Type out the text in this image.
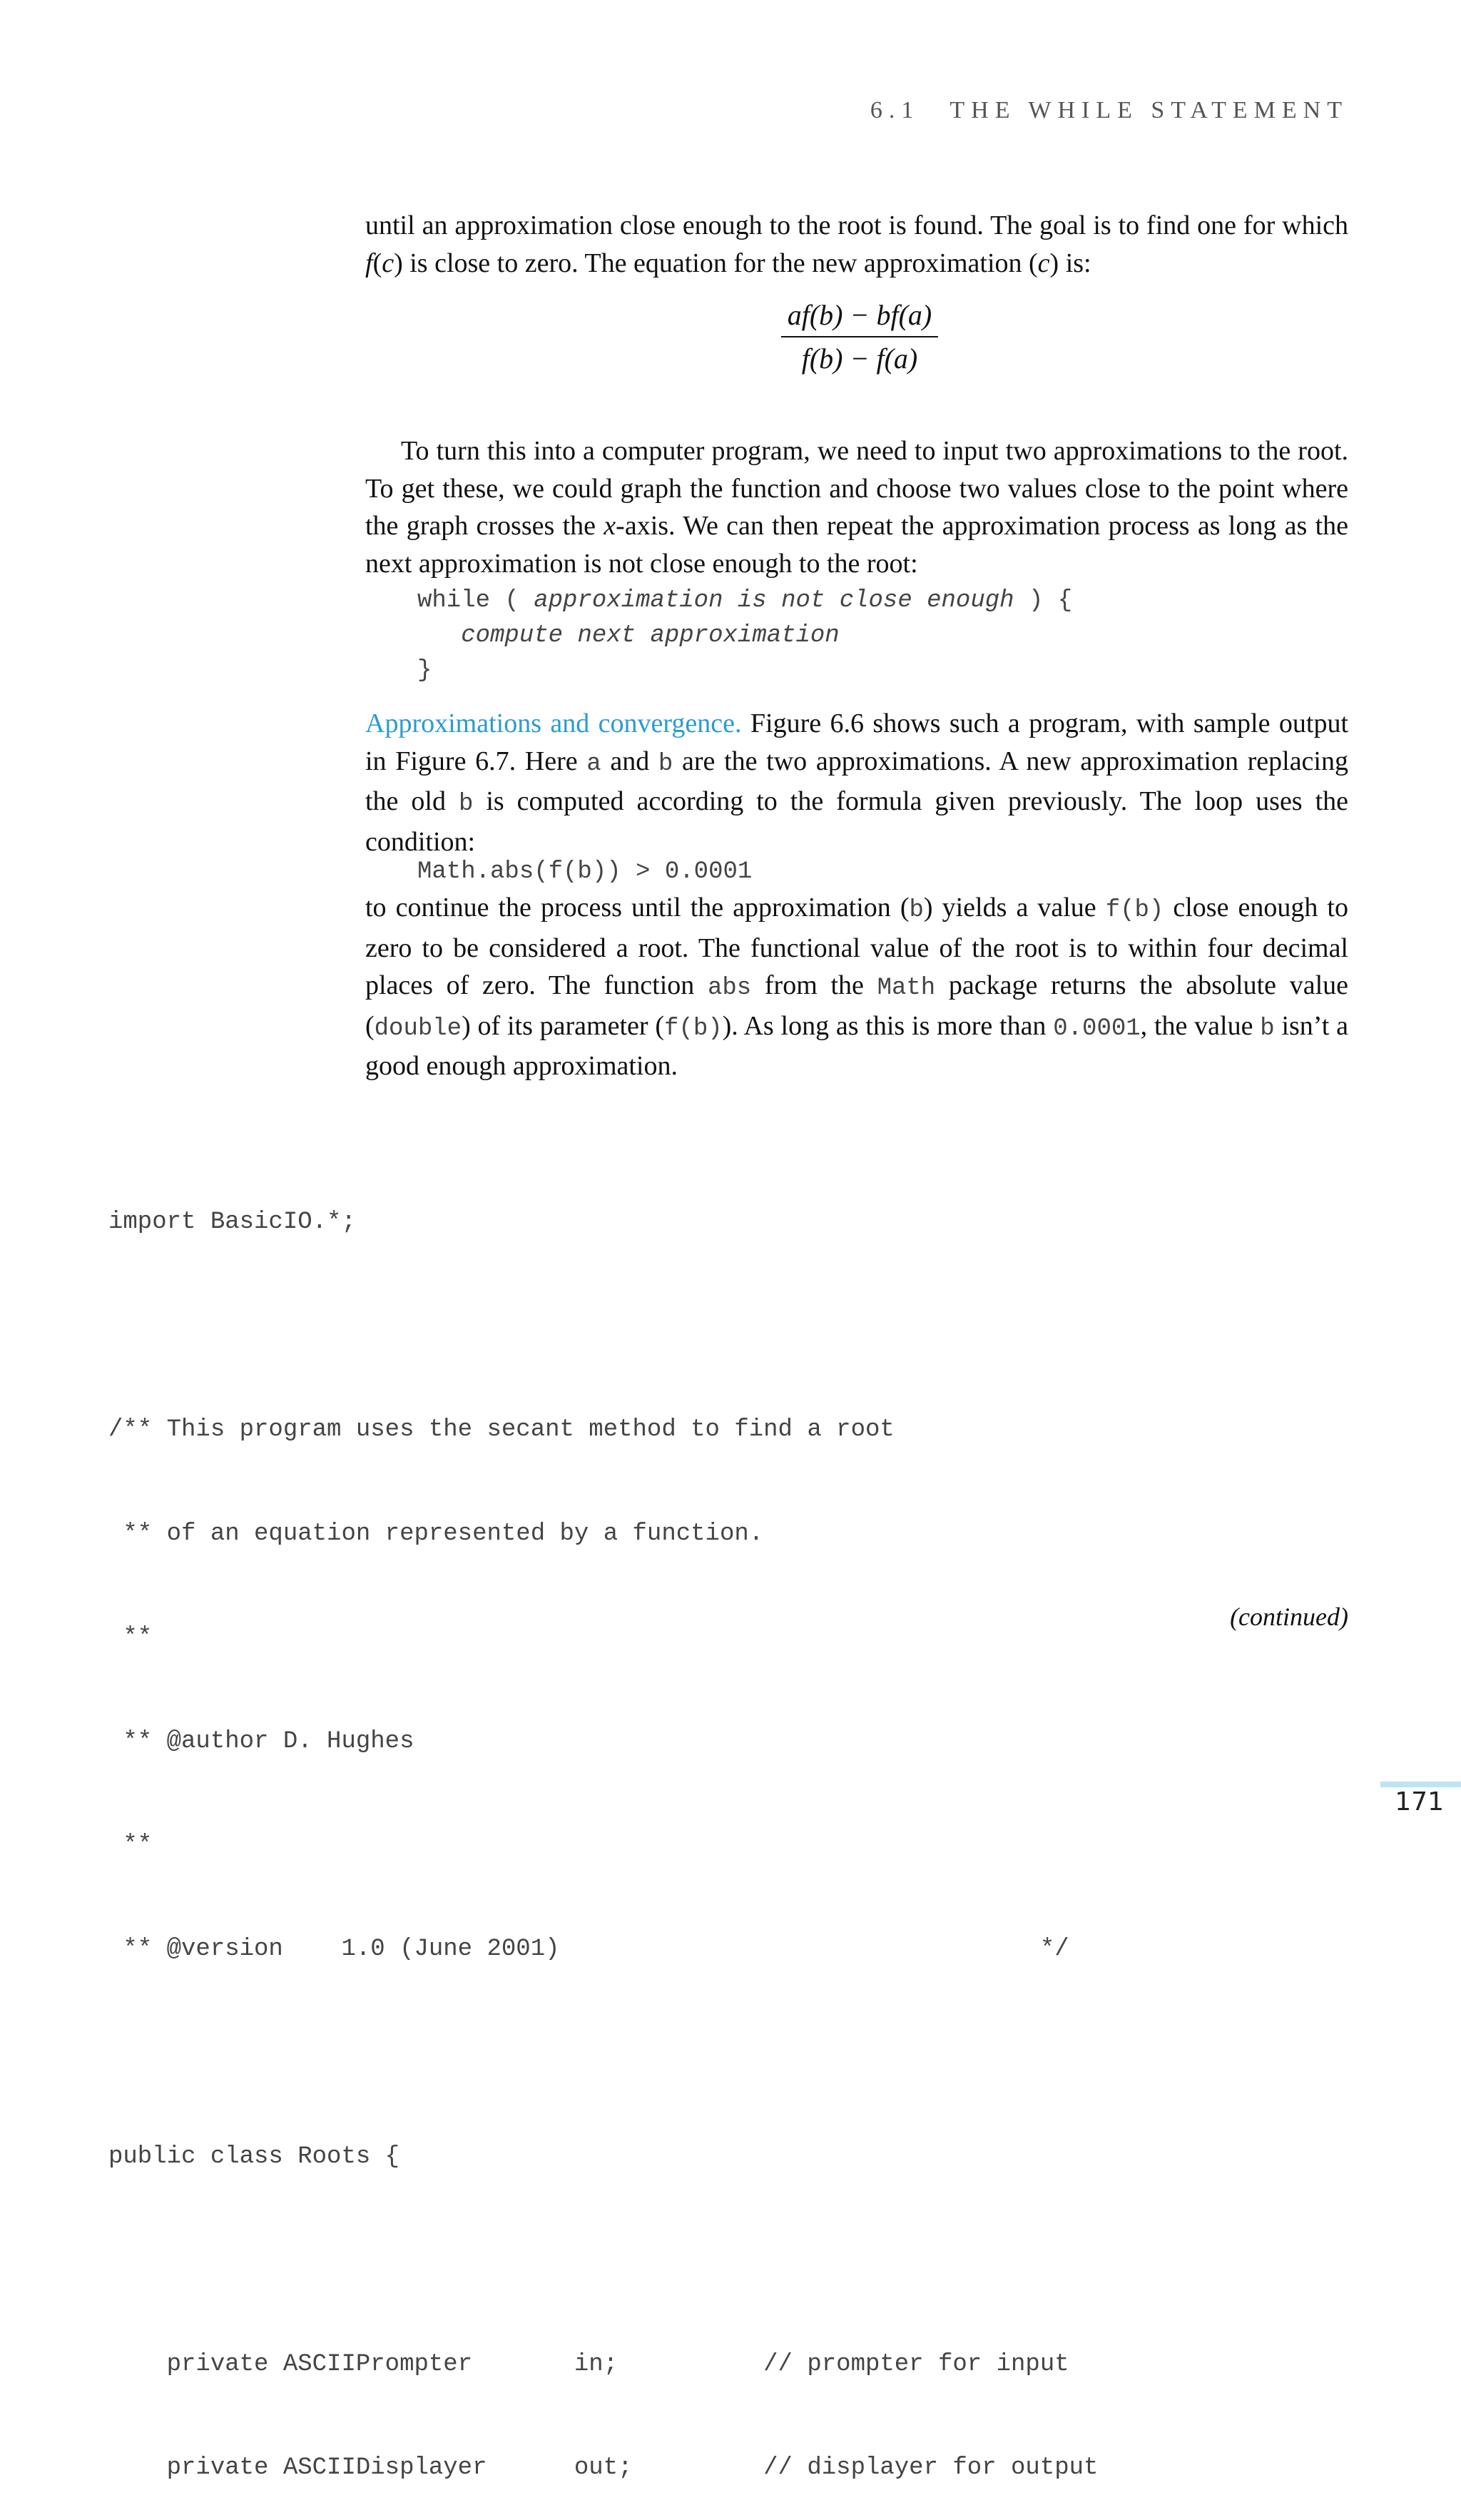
6.1 THE WHILE STATEMENT

until an approximation close enough to the root is found. The goal is to find one for which f(c) is close to zero. The equation for the new approximation (c) is:

$\frac{af(b) - bf(a)}{f(b) - f(a)}$

To turn this into a computer program, we need to input two approximations to the root. To get these, we could graph the function and choose two values close to the point where the graph crosses the x-axis. We can then repeat the approximation process as long as the next approximation is not close enough to the root:

while ( approximation is not close enough ) {
compute next approximation
}

Approximations and convergence. Figure 6.6 shows such a program, with sample output in Figure 6.7. Here a and b are the two approximations. A new approximation replacing the old b is computed according to the formula given previously. The loop uses the condition:

Math.abs(f(b)) > 0.0001

to continue the process until the approximation (b) yields a value f(b) close enough to zero to be considered a root. The functional value of the root is to within four decimal places of zero. The function abs from the Math package returns the absolute value (double) of its parameter (f(b)). As long as this is more than 0.0001, the value b isn’t a good enough approximation.

import BasicIO.*;

/** This program uses the secant method to find a root

** of an equation represented by a function.

**

** @author D. Hughes

**

** @version    1.0 (June 2001)                                 */

public class Roots {

private ASCIIPrompter       in;          // prompter for input

private ASCIIDisplayer      out;         // displayer for output

(continued)
171
